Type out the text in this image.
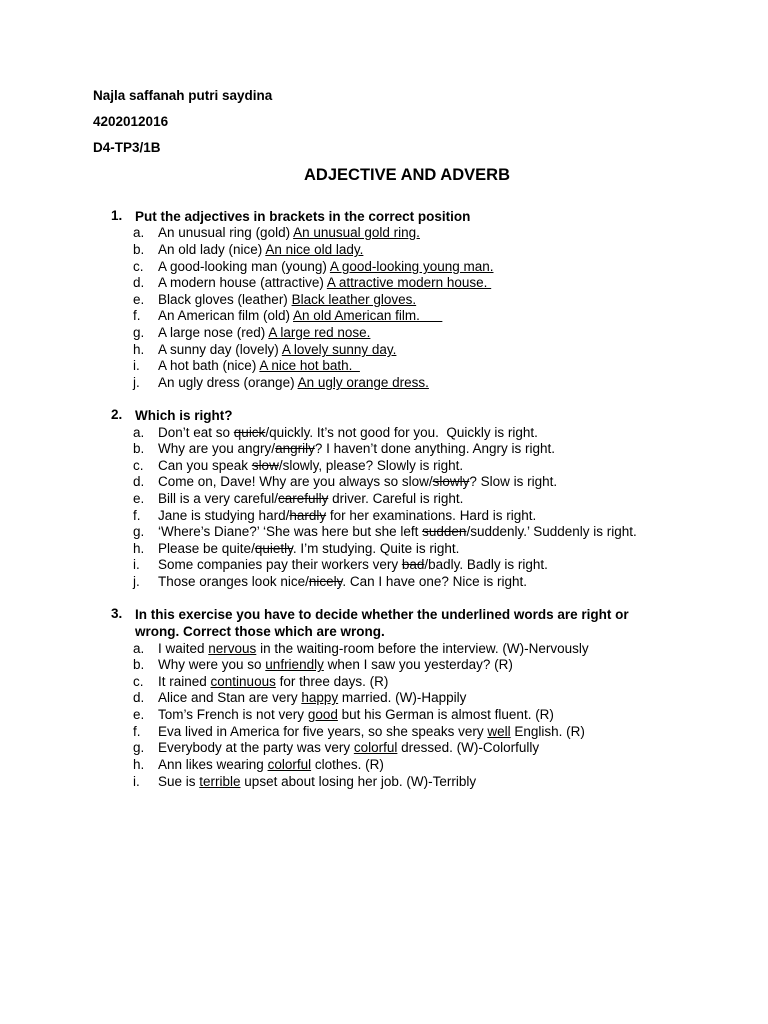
Najla saffanah putri saydina
4202012016
D4-TP3/1B
ADJECTIVE AND ADVERB
1. Put the adjectives in brackets in the correct position
a. An unusual ring (gold) An unusual gold ring.
b. An old lady (nice) An nice old lady.
c. A good-looking man (young) A good-looking young man.
d. A modern house (attractive) A attractive modern house.
e. Black gloves (leather) Black leather gloves.
f. An American film (old) An old American film.
g. A large nose (red) A large red nose.
h. A sunny day (lovely) A lovely sunny day.
i. A hot bath (nice) A nice hot bath.
j. An ugly dress (orange) An ugly orange dress.
2. Which is right?
a. Don’t eat so quick/quickly. It’s not good for you.  Quickly is right.
b. Why are you angry/angrily? I haven’t done anything. Angry is right.
c. Can you speak slow/slowly, please? Slowly is right.
d. Come on, Dave! Why are you always so slow/slowly? Slow is right.
e. Bill is a very careful/carefully driver. Careful is right.
f. Jane is studying hard/hardly for her examinations. Hard is right.
g. ‘Where’s Diane?’ ‘She was here but she left sudden/suddenly.’ Suddenly is right.
h. Please be quite/quietly. I’m studying. Quite is right.
i. Some companies pay their workers very bad/badly. Badly is right.
j. Those oranges look nice/nicely. Can I have one? Nice is right.
3. In this exercise you have to decide whether the underlined words are right or wrong. Correct those which are wrong.
a. I waited nervous in the waiting-room before the interview. (W)-Nervously
b. Why were you so unfriendly when I saw you yesterday? (R)
c. It rained continuous for three days. (R)
d. Alice and Stan are very happy married. (W)-Happily
e. Tom’s French is not very good but his German is almost fluent. (R)
f. Eva lived in America for five years, so she speaks very well English. (R)
g. Everybody at the party was very colorful dressed. (W)-Colorfully
h. Ann likes wearing colorful clothes. (R)
i. Sue is terrible upset about losing her job. (W)-Terribly
